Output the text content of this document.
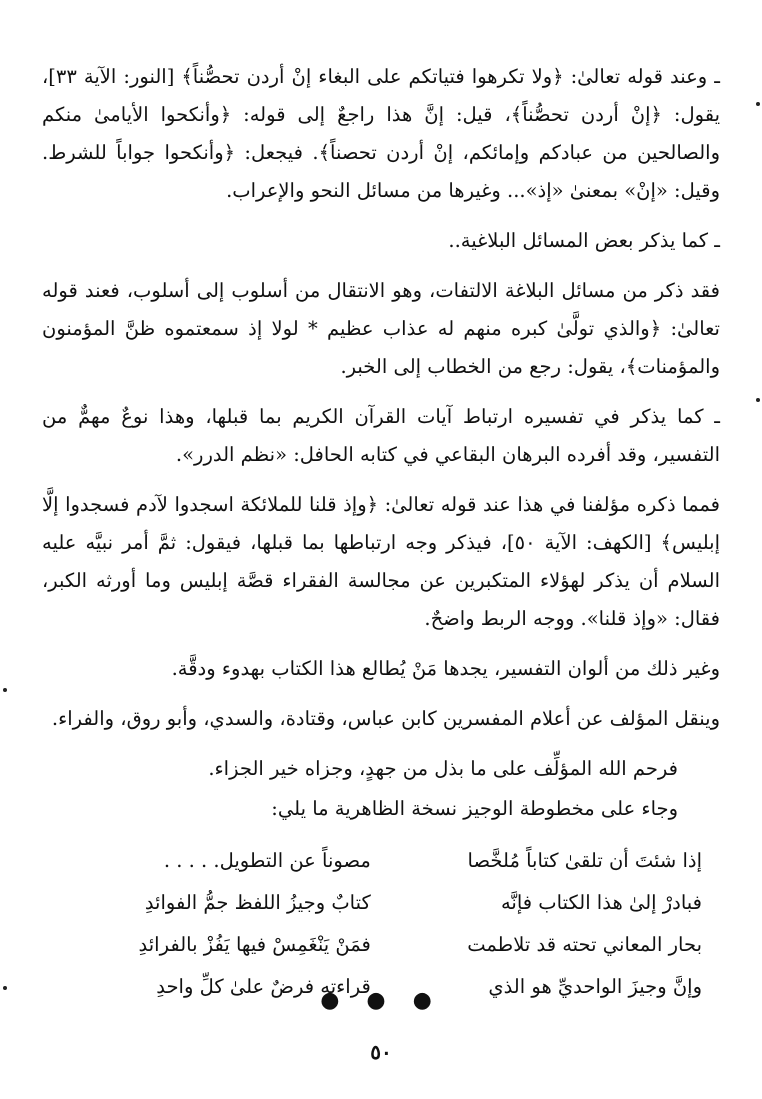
ـ وعند قوله تعالىٰ: ﴿ولا تكرهوا فتياتكم على البغاء إنْ أردن تحصُّناً﴾ [النور: الآية ٣٣]، يقول: ﴿إنْ أردن تحصُّناً﴾، قيل: إنَّ هذا راجعٌ إلى قوله: ﴿وأنكحوا الأيامىٰ منكم والصالحين من عبادكم وإمائكم، إنْ أردن تحصناً﴾. فيجعل: ﴿وأنكحوا جواباً للشرط. وقيل: «إنْ» بمعنىٰ «إذ»... وغيرها من مسائل النحو والإعراب.

ـ كما يذكر بعض المسائل البلاغية..

فقد ذكر من مسائل البلاغة الالتفات، وهو الانتقال من أسلوب إلى أسلوب، فعند قوله تعالىٰ: ﴿والذي تولَّىٰ كبره منهم له عذاب عظيم * لولا إذ سمعتموه ظنَّ المؤمنون والمؤمنات﴾، يقول: رجع من الخطاب إلى الخبر.

ـ كما يذكر في تفسيره ارتباط آيات القرآن الكريم بما قبلها، وهذا نوعٌ مهمٌّ من التفسير، وقد أفرده البرهان البقاعي في كتابه الحافل: «نظم الدرر».

فمما ذكره مؤلفنا في هذا عند قوله تعالىٰ: ﴿وإذ قلنا للملائكة اسجدوا لآدم فسجدوا إلَّا إبليس﴾ [الكهف: الآية ٥٠]، فيذكر وجه ارتباطها بما قبلها، فيقول: ثمَّ أمر نبيَّه عليه السلام أن يذكر لهؤلاء المتكبرين عن مجالسة الفقراء قصَّة إبليس وما أورثه الكبر، فقال: «وإذ قلنا». ووجه الربط واضحٌ.

وغير ذلك من ألوان التفسير، يجدها مَنْ يُطالع هذا الكتاب بهدوء ودقَّة.

وينقل المؤلف عن أعلام المفسرين كابن عباس، وقتادة، والسدي، وأبو روق، والفراء.

فرحم الله المؤلِّف على ما بذل من جهدٍ، وجزاه خير الجزاء.

وجاء على مخطوطة الوجيز نسخة الظاهرية ما يلي:

إذا شئتَ أن تلقىٰ كتاباً مُلخَّصا
مصوناً عن التطويل. . . . .
فبادرْ إلىٰ هذا الكتاب فإنَّه
كتابٌ وجيزُ اللفظ جمُّ الفوائدِ
بحار المعاني تحته قد تلاطمت
فمَنْ يَنْغَمِسْ فيها يَفُزْ بالفرائدِ
وإنَّ وجيزَ الواحديِّ هو الذي
قراءته فرضٌ علىٰ كلِّ واحدِ
● ● ●
٥٠
